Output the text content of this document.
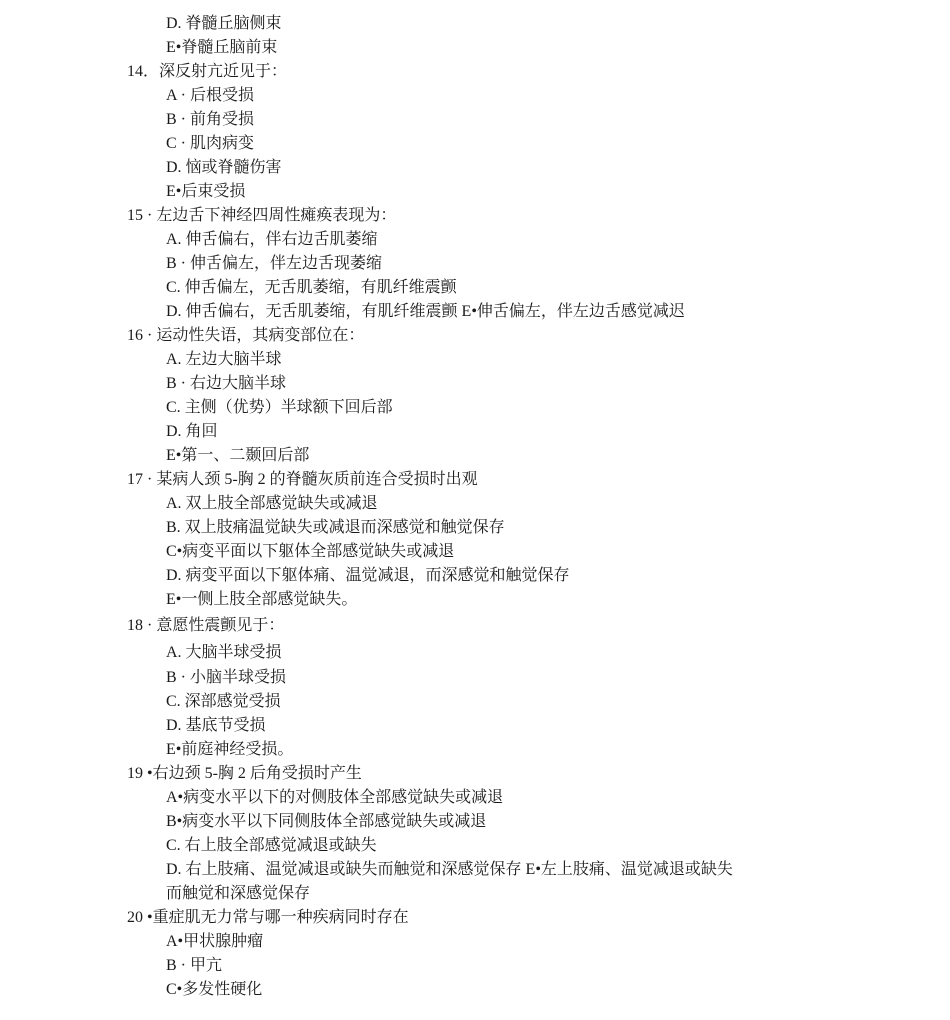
D. 脊髓丘脑侧束
E•脊髓丘脑前束
14．深反射亢近见于：
A · 后根受损
B · 前角受损
C · 肌肉病变
D. 恼或脊髓伤害
E•后束受损
15 · 左边舌下神经四周性瘫痪表现为：
A. 伸舌偏右，伴右边舌肌萎缩
B · 伸舌偏左，伴左边舌现萎缩
C. 伸舌偏左，无舌肌萎缩，有肌纤维震颤
D. 伸舌偏右，无舌肌萎缩，有肌纤维震颤 E•伸舌偏左，伴左边舌感觉减迟
16 · 运动性失语，其病变部位在：
A. 左边大脑半球
B · 右边大脑半球
C. 主侧（优势）半球额下回后部
D. 角回
E•第一、二颞回后部
17 · 某病人颈 5-胸 2 的脊髓灰质前连合受损时出观
A. 双上肢全部感觉缺失或减退
B. 双上肢痛温觉缺失或减退而深感觉和触觉保存
C•病变平面以下躯体全部感觉缺失或减退
D. 病变平面以下躯体痛、温觉减退，而深感觉和触觉保存
E•一侧上肢全部感觉缺失。
18 · 意愿性震颤见于：
A. 大脑半球受损
B · 小脑半球受损
C. 深部感觉受损
D. 基底节受损
E•前庭神经受损。
19 •右边颈 5-胸 2 后角受损时产生
A•病变水平以下的对侧肢体全部感觉缺失或减退
B•病变水平以下同侧肢体全部感觉缺失或减退
C. 右上肢全部感觉减退或缺失
D. 右上肢痛、温觉减退或缺失而触觉和深感觉保存 E•左上肢痛、温觉减退或缺失
而触觉和深感觉保存
20 •重症肌无力常与哪一种疾病同时存在
A•甲状腺肿瘤
B · 甲亢
C•多发性硬化
